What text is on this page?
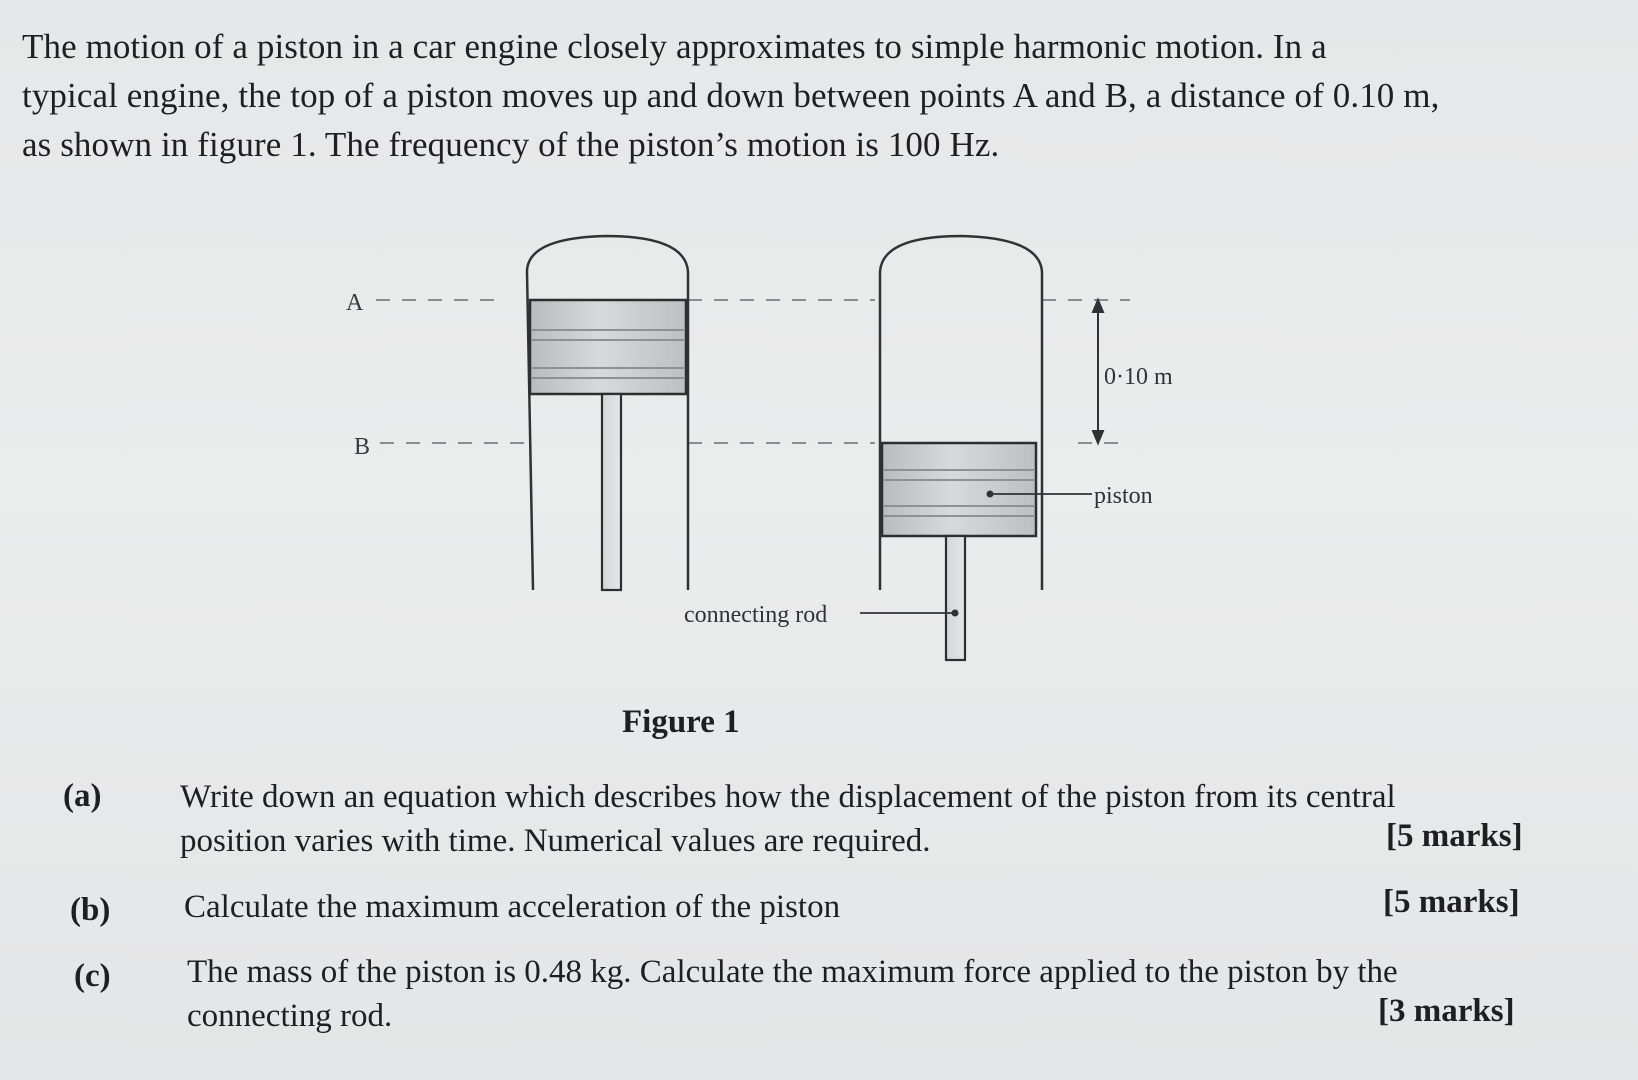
The motion of a piston in a car engine closely approximates to simple harmonic motion. In a
typical engine, the top of a piston moves up and down between points A and B, a distance of 0.10 m,
as shown in figure 1. The frequency of the piston’s motion is 100 Hz.
A
B
0·10 m
piston
connecting rod
Figure 1
(a) Write down an equation which describes how the displacement of the piston from its central
position varies with time. Numerical values are required.	[5 marks]
(b) Calculate the maximum acceleration of the piston	[5 marks]
(c) The mass of the piston is 0.48 kg. Calculate the maximum force applied to the piston by the
connecting rod.	[3 marks]
